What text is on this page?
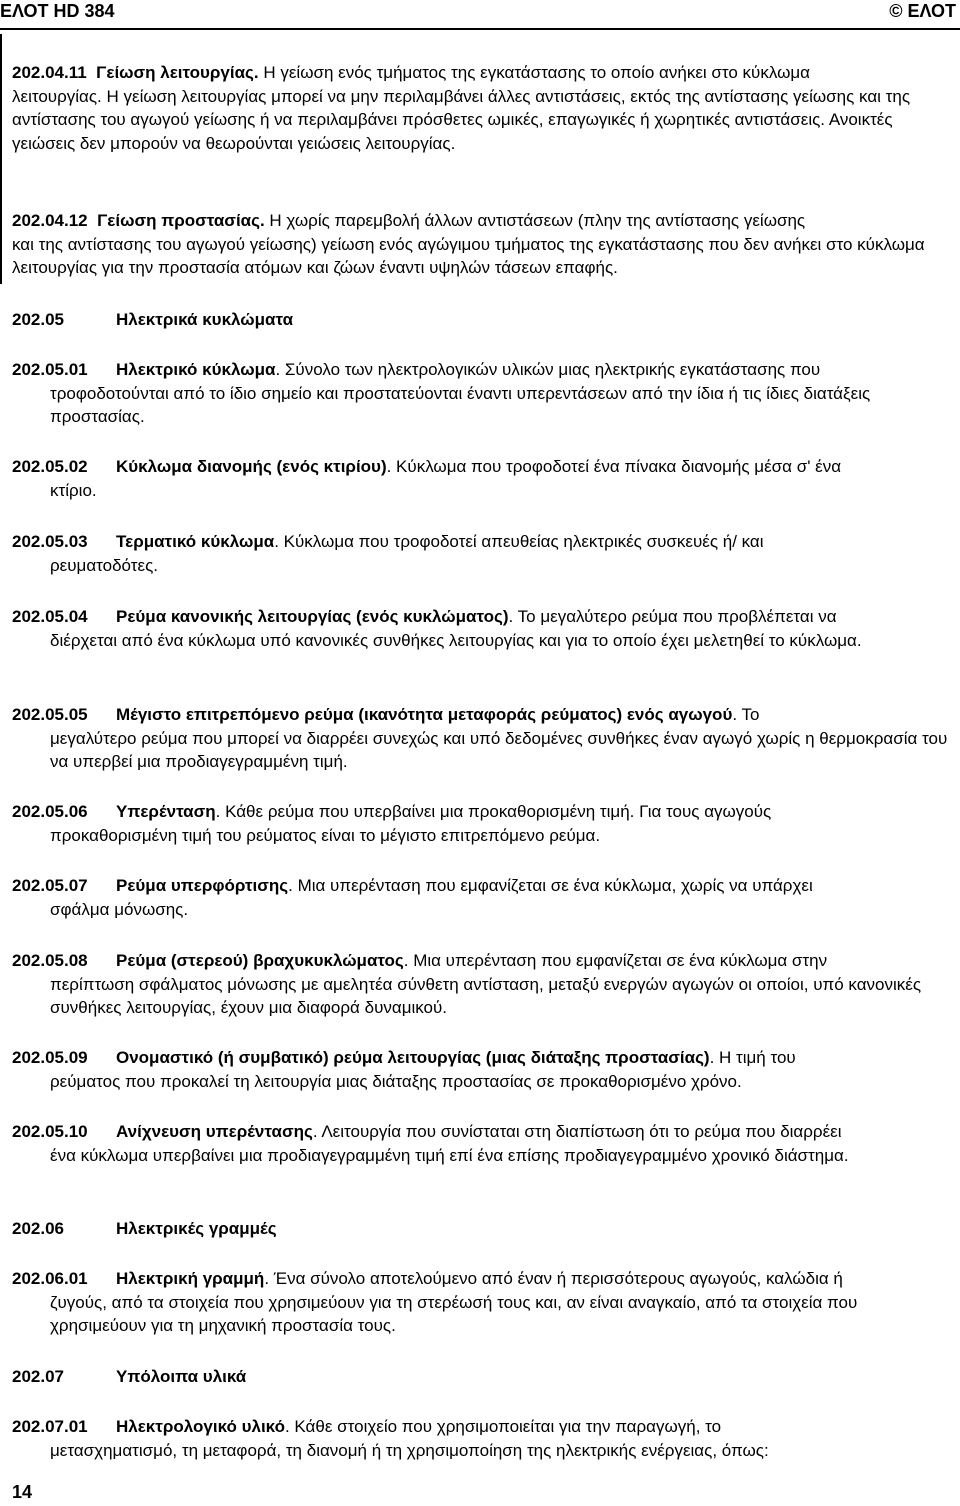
ΕΛΟΤ HD 384	© ΕΛΟΤ

202.04.11 Γείωση λειτουργίας. Η γείωση ενός τμήματος της εγκατάστασης το οποίο ανήκει στο κύκλωμα

λειτουργίας. Η γείωση λειτουργίας μπορεί να μην περιλαμβάνει άλλες αντιστάσεις, εκτός της αντίστασης γείωσης και της αντίστασης του αγωγού γείωσης ή να περιλαμβάνει πρόσθετες ωμικές, επαγωγικές ή χωρητικές αντιστάσεις. Ανοικτές γειώσεις δεν μπορούν να θεωρούνται γειώσεις λειτουργίας.

202.04.12 Γείωση προστασίας. Η χωρίς παρεμβολή άλλων αντιστάσεων (πλην της αντίστασης γείωσης

και της αντίστασης του αγωγού γείωσης) γείωση ενός αγώγιμου τμήματος της εγκατάστασης που δεν ανήκει στο κύκλωμα λειτουργίας για την προστασία ατόμων και ζώων έναντι υψηλών τάσεων επαφής.

202.05	Ηλεκτρικά κυκλώματα

202.05.01 Ηλεκτρικό κύκλωμα. Σύνολο των ηλεκτρολογικών υλικών μιας ηλεκτρικής εγκατάστασης που

τροφοδοτούνται από το ίδιο σημείο και προστατεύονται έναντι υπερεντάσεων από την ίδια ή τις ίδιες διατάξεις προστασίας.

202.05.02 Κύκλωμα διανομής (ενός κτιρίου). Κύκλωμα που τροφοδοτεί ένα πίνακα διανομής μέσα σ' ένα

κτίριο.

202.05.03 Τερματικό κύκλωμα. Κύκλωμα που τροφοδοτεί απευθείας ηλεκτρικές συσκευές ή/ και

ρευματοδότες.

202.05.04 Ρεύμα κανονικής λειτουργίας (ενός κυκλώματος). Το μεγαλύτερο ρεύμα που προβλέπεται να

διέρχεται από ένα κύκλωμα υπό κανονικές συνθήκες λειτουργίας και για το οποίο έχει μελετηθεί το κύκλωμα.

202.05.05 Μέγιστο επιτρεπόμενο ρεύμα (ικανότητα μεταφοράς ρεύματος) ενός αγωγού. Το

μεγαλύτερο ρεύμα που μπορεί να διαρρέει συνεχώς και υπό δεδομένες συνθήκες έναν αγωγό χωρίς η θερμοκρασία του να υπερβεί μια προδιαγεγραμμένη τιμή.

202.05.06 Υπερένταση. Κάθε ρεύμα που υπερβαίνει μια προκαθορισμένη τιμή. Για τους αγωγούς

προκαθορισμένη τιμή του ρεύματος είναι το μέγιστο επιτρεπόμενο ρεύμα.

202.05.07 Ρεύμα υπερφόρτισης. Μια υπερένταση που εμφανίζεται σε ένα κύκλωμα, χωρίς να υπάρχει

σφάλμα μόνωσης.

202.05.08 Ρεύμα (στερεού) βραχυκυκλώματος. Μια υπερένταση που εμφανίζεται σε ένα κύκλωμα στην

περίπτωση σφάλματος μόνωσης με αμελητέα σύνθετη αντίσταση, μεταξύ ενεργών αγωγών οι οποίοι, υπό κανονικές συνθήκες λειτουργίας, έχουν μια διαφορά δυναμικού.

202.05.09 Ονομαστικό (ή συμβατικό) ρεύμα λειτουργίας (μιας διάταξης προστασίας). Η τιμή του

ρεύματος που προκαλεί τη λειτουργία μιας διάταξης προστασίας σε προκαθορισμένο χρόνο.

202.05.10 Ανίχνευση υπερέντασης. Λειτουργία που συνίσταται στη διαπίστωση ότι το ρεύμα που διαρρέει

ένα κύκλωμα υπερβαίνει μια προδιαγεγραμμένη τιμή επί ένα επίσης προδιαγεγραμμένο χρονικό διάστημα.

202.06	Ηλεκτρικές γραμμές

202.06.01 Ηλεκτρική γραμμή. Ένα σύνολο αποτελούμενο από έναν ή περισσότερους αγωγούς, καλώδια ή

ζυγούς, από τα στοιχεία που χρησιμεύουν για τη στερέωσή τους και, αν είναι αναγκαίο, από τα στοιχεία που χρησιμεύουν για τη μηχανική προστασία τους.

202.07	Υπόλοιπα υλικά

202.07.01 Ηλεκτρολογικό υλικό. Κάθε στοιχείο που χρησιμοποιείται για την παραγωγή, το

μετασχηματισμό, τη μεταφορά, τη διανομή ή τη χρησιμοποίηση της ηλεκτρικής ενέργειας, όπως:

14
